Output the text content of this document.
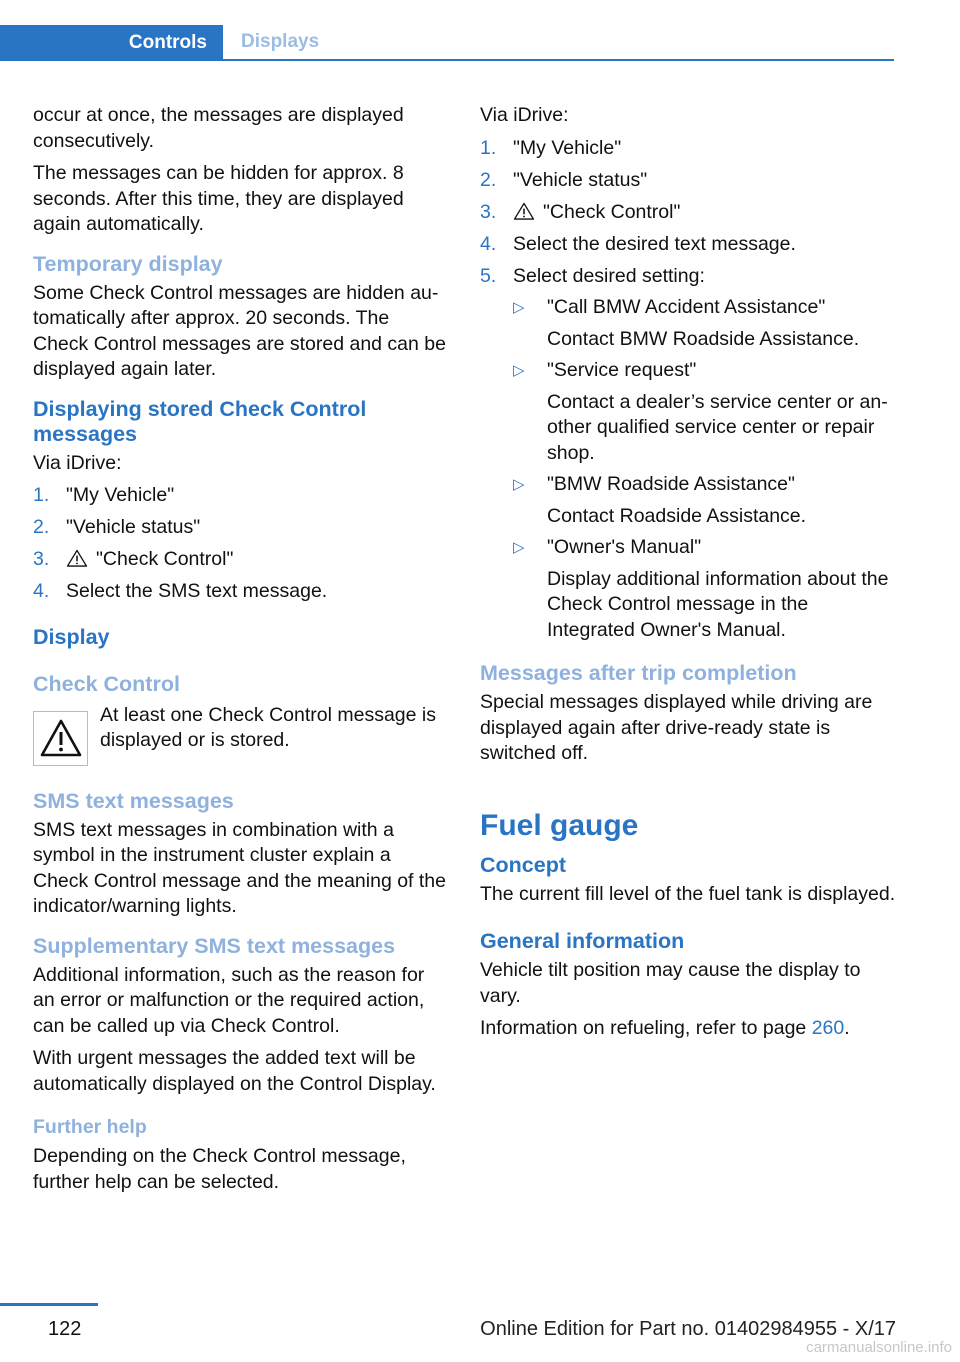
Controls	Displays

occur at once, the messages are displayed consecutively.

The messages can be hidden for approx. 8 seconds. After this time, they are displayed again automatically.

Temporary display

Some Check Control messages are hidden automatically after approx. 20 seconds. The Check Control messages are stored and can be displayed again later.

Displaying stored Check Control messages

Via iDrive:

1. "My Vehicle"
2. "Vehicle status"
3. "Check Control"
4. Select the SMS text message.
Display
Check Control

At least one Check Control message is displayed or is stored.

SMS text messages

SMS text messages in combination with a symbol in the instrument cluster explain a Check Control message and the meaning of the indicator/warning lights.

Supplementary SMS text messages

Additional information, such as the reason for an error or malfunction or the required action, can be called up via Check Control.

With urgent messages the added text will be automatically displayed on the Control Display.

Further help

Depending on the Check Control message, further help can be selected.

Via iDrive:

1. "My Vehicle"
2. "Vehicle status"
3. "Check Control"
4. Select the desired text message.
5. Select desired setting:
▷ "Call BMW Accident Assistance"
Contact BMW Roadside Assistance.
▷ "Service request"
Contact a dealer’s service center or another qualified service center or repair shop.
▷ "BMW Roadside Assistance"
Contact Roadside Assistance.
▷ "Owner's Manual"
Display additional information about the Check Control message in the Integrated Owner's Manual.
Messages after trip completion

Special messages displayed while driving are displayed again after drive-ready state is switched off.

Fuel gauge
Concept

The current fill level of the fuel tank is displayed.

General information

Vehicle tilt position may cause the display to vary.

Information on refueling, refer to page 260.

122	Online Edition for Part no. 01402984955 - X/17
carmanualsonline.info
